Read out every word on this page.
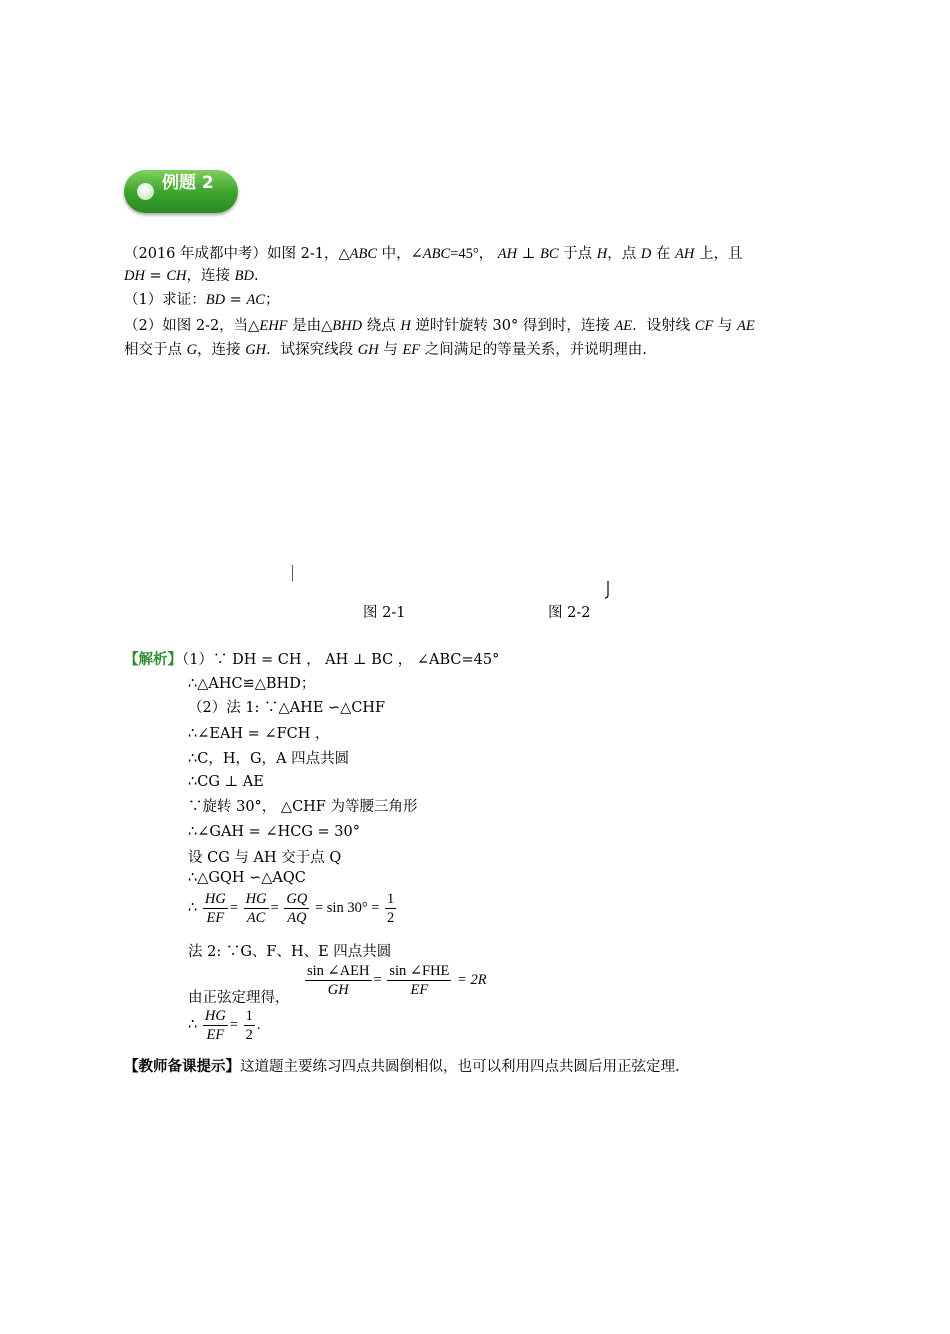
例题 2
（2016 年成都中考）如图 2-1，△ABC 中，∠ABC=45°， AH ⊥ BC 于点 H，点 D 在 AH 上，且
DH = CH，连接 BD.
（1）求证：BD = AC；
（2）如图 2-2，当△EHF 是由△BHD 绕点 H 逆时针旋转 30° 得到时，连接 AE．设射线 CF 与 AE
相交于点 G，连接 GH．试探究线段 GH 与 EF 之间满足的等量关系，并说明理由.
图 2-1	图 2-2
【解析】（1）∵ DH = CH ， AH ⊥ BC ， ∠ABC=45°
∴△AHC≌△BHD；
（2）法 1: ∵△AHE ∽△CHF
∴∠EAH = ∠FCH ，
∴C，H，G，A 四点共圆
∴CG ⊥ AE
∵旋转 30°， △CHF 为等腰三角形
∴∠GAH = ∠HCG = 30°
设 CG 与 AH 交于点 Q
∴△GQH ∽△AQC
∴ $\frac{HG}{EF} = \frac{HG}{AC} = \frac{GQ}{AQ} = \sin 30^\circ = \frac{1}{2}$
法 2: ∵G、F、H、E 四点共圆
由正弦定理得， $\frac{\text{sin ∠AEH}}{GH} = \frac{\text{sin ∠FHE}}{EF} = 2R$
∴ $\frac{HG}{EF} = \frac{1}{2}$ .
【教师备课提示】这道题主要练习四点共圆倒相似，也可以利用四点共圆后用正弦定理.
